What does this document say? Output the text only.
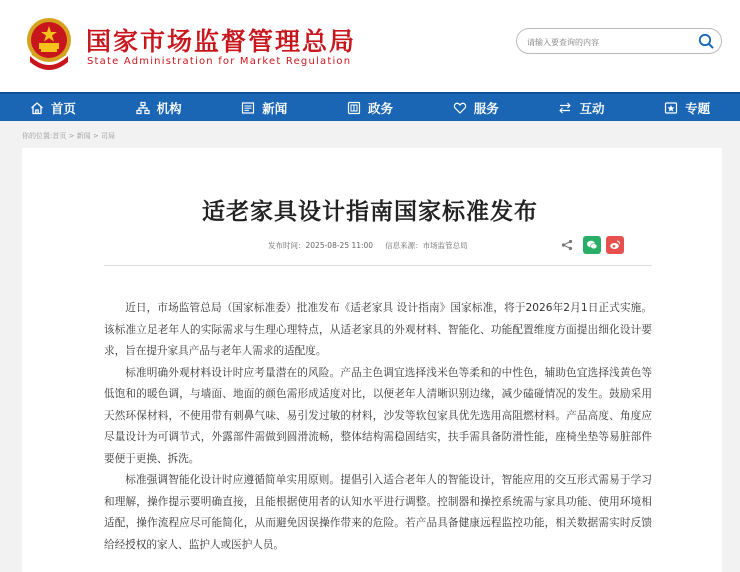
国家市场监督管理总局
State Administration for Market Regulation
请输入要查询的内容
首页	机构	新闻	政务	服务	互动	专题
你的位置:首页 > 新闻 > 司局
适老家具设计指南国家标准发布
发布时间：2025-08-25 11:00 信息来源：市场监管总局

近日，市场监管总局（国家标准委）批准发布《适老家具 设计指南》国家标准，将于2026年2月1日正式实施。该标准立足老年人的实际需求与生理心理特点，从适老家具的外观材料、智能化、功能配置维度方面提出细化设计要求，旨在提升家具产品与老年人需求的适配度。

标准明确外观材料设计时应考量潜在的风险。产品主色调宜选择浅米色等柔和的中性色，辅助色宜选择浅黄色等低饱和的暖色调，与墙面、地面的颜色需形成适度对比，以便老年人清晰识别边缘，减少磕碰情况的发生。鼓励采用天然环保材料，不使用带有刺鼻气味、易引发过敏的材料，沙发等软包家具优先选用高阻燃材料。产品高度、角度应尽量设计为可调节式，外露部件需做到圆滑流畅，整体结构需稳固结实，扶手需具备防滑性能，座椅坐垫等易脏部件要便于更换、拆洗。

标准强调智能化设计时应遵循简单实用原则。提倡引入适合老年人的智能设计，智能应用的交互形式需易于学习和理解，操作提示要明确直接，且能根据使用者的认知水平进行调整。控制器和操控系统需与家具功能、使用环境相适配，操作流程应尽可能简化，从而避免因误操作带来的危险。若产品具备健康远程监控功能，相关数据需实时反馈给经授权的家人、监护人或医护人员。
